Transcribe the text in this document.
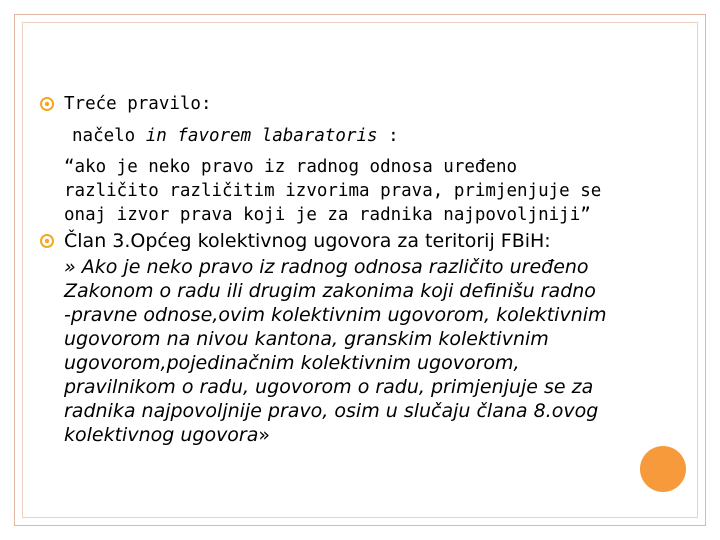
Treće pravilo:
načelo in favorem labaratoris :
“ako je neko pravo iz radnog odnosa uređeno
različito različitim izvorima prava, primjenjuje se
onaj izvor prava koji je za radnika najpovoljniji”
Član 3.Općeg kolektivnog ugovora za teritorij FBiH:
» Ako je neko pravo iz radnog odnosa različito uređeno
Zakonom o radu ili drugim zakonima koji definišu radno
-pravne odnose,ovim kolektivnim ugovorom, kolektivnim
ugovorom na nivou kantona, granskim kolektivnim
ugovorom,pojedinačnim kolektivnim ugovorom,
pravilnikom o radu, ugovorom o radu, primjenjuje se za
radnika najpovoljnije pravo, osim u slučaju člana 8.ovog
kolektivnog ugovora»
